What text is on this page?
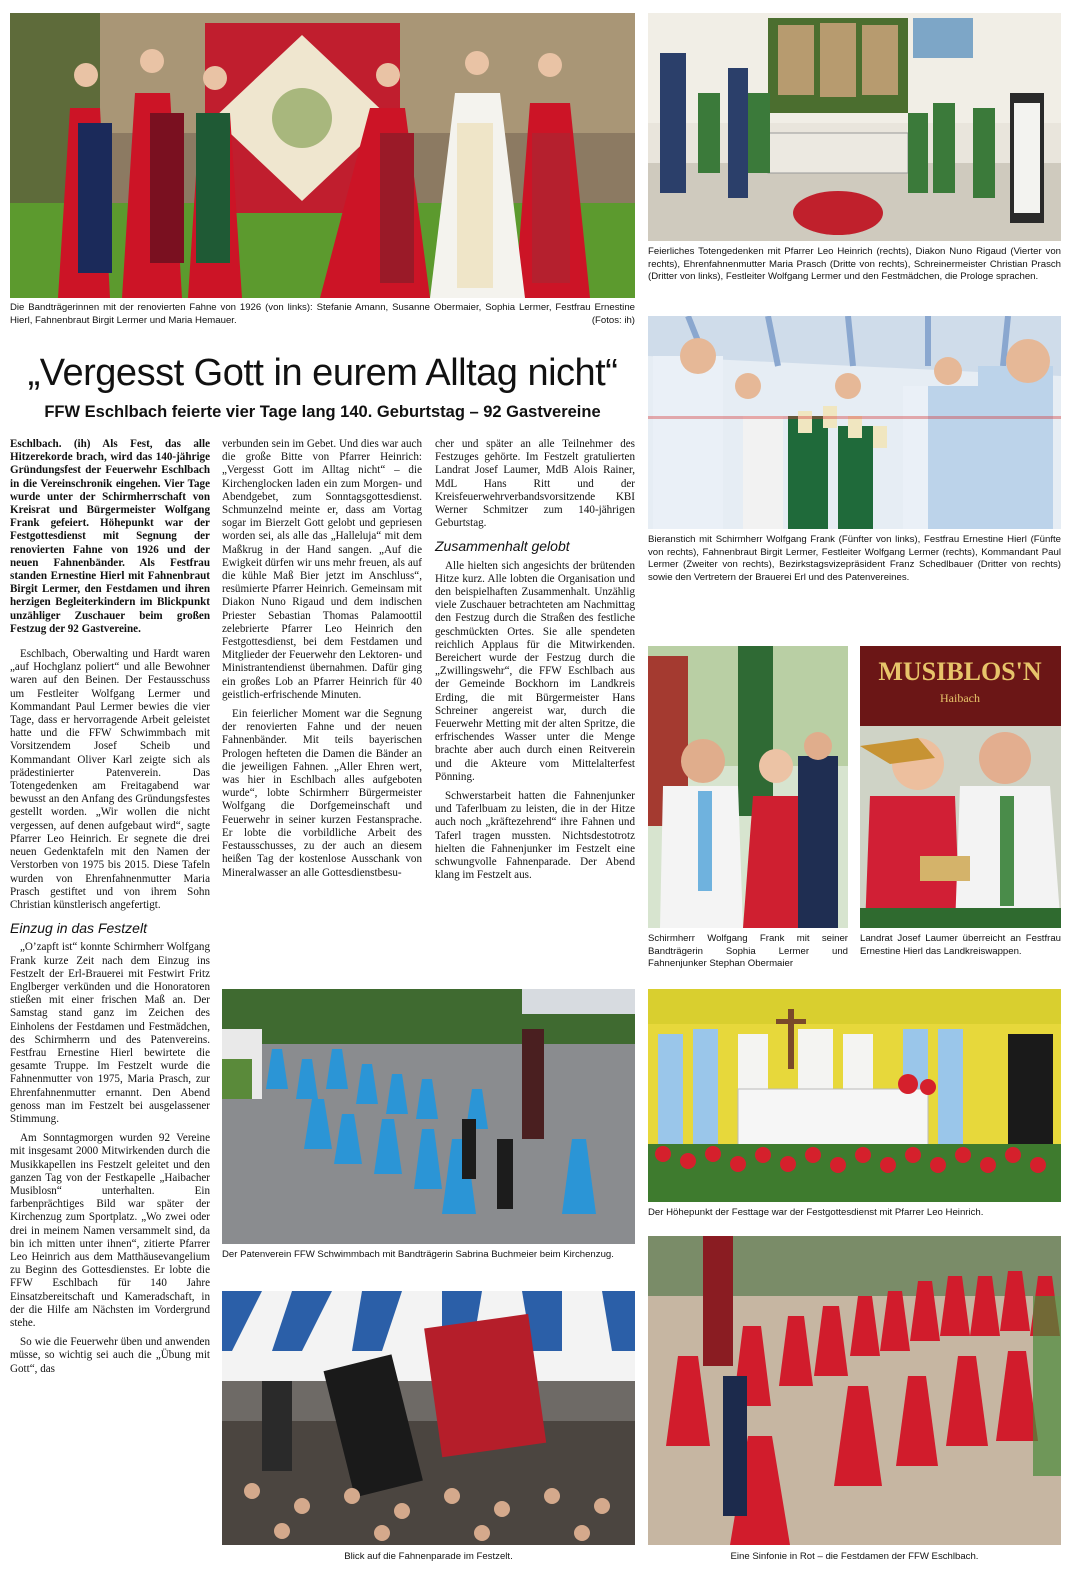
MUSIBLOS'N
Haibach
Die Bandträgerinnen mit der renovierten Fahne von 1926 (von links): Stefanie Amann, Susanne Obermaier, Sophia Lermer, Festfrau Ernestine Hierl, Fahnenbraut Birgit Lermer und Maria Hemauer.	(Fotos: ih)
Feierliches Totengedenken mit Pfarrer Leo Heinrich (rechts), Diakon Nuno Rigaud (Vierter von rechts), Ehrenfahnenmutter Maria Prasch (Dritte von rechts), Schreinermeister Christian Prasch (Dritter von links), Festleiter Wolfgang Lermer und den Festmädchen, die Prologe sprachen.
Bieranstich mit Schirmherr Wolfgang Frank (Fünfter von links), Festfrau Ernestine Hierl (Fünfte von rechts), Fahnenbraut Birgit Lermer, Festleiter Wolfgang Lermer (rechts), Kommandant Paul Lermer (Zweiter von rechts), Bezirkstagsvizepräsident Franz Schedlbauer (Dritter von rechts) sowie den Vertretern der Brauerei Erl und des Patenvereines.
Schirmherr Wolfgang Frank mit seiner Bandträgerin Sophia Lermer und Fahnenjunker Stephan Obermaier
Landrat Josef Laumer überreicht an Festfrau Ernestine Hierl das Landkreiswappen.
Der Patenverein FFW Schwimmbach mit Bandträgerin Sabrina Buchmeier beim Kirchenzug.
Der Höhepunkt der Festtage war der Festgottesdienst mit Pfarrer Leo Heinrich.
Blick auf die Fahnenparade im Festzelt.	Eine Sinfonie in Rot – die Festdamen der FFW Eschlbach.
„Vergesst Gott in eurem Alltag nicht“
FFW Eschlbach feierte vier Tage lang 140. Geburtstag – 92 Gastvereine

Eschlbach. (ih) Als Fest, das alle Hitzerekorde brach, wird das 140-jährige Gründungsfest der Feuerwehr Eschlbach in die Vereinschronik eingehen. Vier Tage wurde unter der Schirmherrschaft von Kreisrat und Bürgermeister Wolfgang Frank gefeiert. Höhepunkt war der Festgottesdienst mit Segnung der renovierten Fahne von 1926 und der neuen Fahnenbänder. Als Festfrau standen Ernestine Hierl mit Fahnenbraut Birgit Lermer, den Festdamen und ihren herzigen Begleiterkindern im Blickpunkt unzähliger Zuschauer beim großen Festzug der 92 Gastvereine.

Eschlbach, Oberwalting und Hardt waren „auf Hochglanz poliert“ und alle Bewohner waren auf den Beinen. Der Festausschuss um Festleiter Wolfgang Lermer und Kommandant Paul Lermer bewies die vier Tage, dass er hervorragende Arbeit geleistet hatte und die FFW Schwimmbach mit Vorsitzendem Josef Scheib und Kommandant Oliver Karl zeigte sich als prädestinierter Patenverein. Das Totengedenken am Freitagabend war bewusst an den Anfang des Gründungsfestes gestellt worden. „Wir wollen die nicht vergessen, auf denen aufgebaut wird“, sagte Pfarrer Leo Heinrich. Er segnete die drei neuen Gedenktafeln mit den Namen der Verstorben von 1975 bis 2015. Diese Tafeln wurden von Ehrenfahnenmutter Maria Prasch gestiftet und von ihrem Sohn Christian künstlerisch angefertigt.

Einzug in das Festzelt

„O’zapft ist“ konnte Schirmherr Wolfgang Frank kurze Zeit nach dem Einzug ins Festzelt der Erl-Brauerei mit Festwirt Fritz Englberger verkünden und die Honoratoren stießen mit einer frischen Maß an. Der Samstag stand ganz im Zeichen des Einholens der Festdamen und Festmädchen, des Schirmherrn und des Patenvereins. Festfrau Ernestine Hierl bewirtete die gesamte Truppe. Im Festzelt wurde die Fahnenmutter von 1975, Maria Prasch, zur Ehrenfahnenmutter ernannt. Den Abend genoss man im Festzelt bei ausgelassener Stimmung.

Am Sonntagmorgen wurden 92 Vereine mit insgesamt 2000 Mitwirkenden durch die Musikkapellen ins Festzelt geleitet und den ganzen Tag von der Festkapelle „Haibacher Musiblosn“ unterhalten. Ein farbenprächtiges Bild war später der Kirchenzug zum Sportplatz. „Wo zwei oder drei in meinem Namen versammelt sind, da bin ich mitten unter ihnen“, zitierte Pfarrer Leo Heinrich aus dem Matthäusevangelium zu Beginn des Gottesdienstes. Er lobte die FFW Eschlbach für 140 Jahre Einsatzbereitschaft und Kameradschaft, in der die Hilfe am Nächsten im Vordergrund stehe.

So wie die Feuerwehr üben und anwenden müsse, so wichtig sei auch die „Übung mit Gott“, das

verbunden sein im Gebet. Und dies war auch die große Bitte von Pfarrer Heinrich: „Vergesst Gott im Alltag nicht“ – die Kirchenglocken laden ein zum Morgen- und Abendgebet, zum Sonntagsgottesdienst. Schmunzelnd meinte er, dass am Vortag sogar im Bierzelt Gott gelobt und gepriesen worden sei, als alle das „Halleluja“ mit dem Maßkrug in der Hand sangen. „Auf die Ewigkeit dürfen wir uns mehr freuen, als auf die kühle Maß Bier jetzt im Anschluss“, resümierte Pfarrer Heinrich. Gemeinsam mit Diakon Nuno Rigaud und dem indischen Priester Sebastian Thomas Palamoottil zelebrierte Pfarrer Leo Heinrich den Festgottesdienst, bei dem Festdamen und Mitglieder der Feuerwehr den Lektoren- und Ministrantendienst übernahmen. Dafür ging ein großes Lob an Pfarrer Heinrich für 40 geistlich-erfrischende Minuten.

Ein feierlicher Moment war die Segnung der renovierten Fahne und der neuen Fahnenbänder. Mit teils bayerischen Prologen hefteten die Damen die Bänder an die jeweiligen Fahnen. „Aller Ehren wert, was hier in Eschlbach alles aufgeboten wurde“, lobte Schirmherr Bürgermeister Wolfgang die Dorfgemeinschaft und Feuerwehr in seiner kurzen Festansprache. Er lobte die vorbildliche Arbeit des Festausschusses, zu der auch an diesem heißen Tag der kostenlose Ausschank von Mineralwasser an alle Gottesdienstbesu-

cher und später an alle Teilnehmer des Festzuges gehörte. Im Festzelt gratulierten Landrat Josef Laumer, MdB Alois Rainer, MdL Hans Ritt und der Kreisfeuerwehrverbandsvorsitzende KBI Werner Schmitzer zum 140-jährigen Geburtstag.

Zusammenhalt gelobt

Alle hielten sich angesichts der brütenden Hitze kurz. Alle lobten die Organisation und den beispielhaften Zusammenhalt. Unzählig viele Zuschauer betrachteten am Nachmittag den Festzug durch die Straßen des festliche geschmückten Ortes. Sie alle spendeten reichlich Applaus für die Mitwirkenden. Bereichert wurde der Festzug durch die „Zwillingswehr“, die FFW Eschlbach aus der Gemeinde Bockhorn im Landkreis Erding, die mit Bürgermeister Hans Schreiner angereist war, durch die Feuerwehr Metting mit der alten Spritze, die erfrischendes Wasser unter die Menge brachte aber auch durch einen Reitverein und die Akteure vom Mittelalterfest Pönning.

Schwerstarbeit hatten die Fahnenjunker und Taferlbuam zu leisten, die in der Hitze auch noch „kräftezehrend“ ihre Fahnen und Taferl tragen mussten. Nichtsdestotrotz hielten die Fahnenjunker im Festzelt eine schwungvolle Fahnenparade. Der Abend klang im Festzelt aus.
